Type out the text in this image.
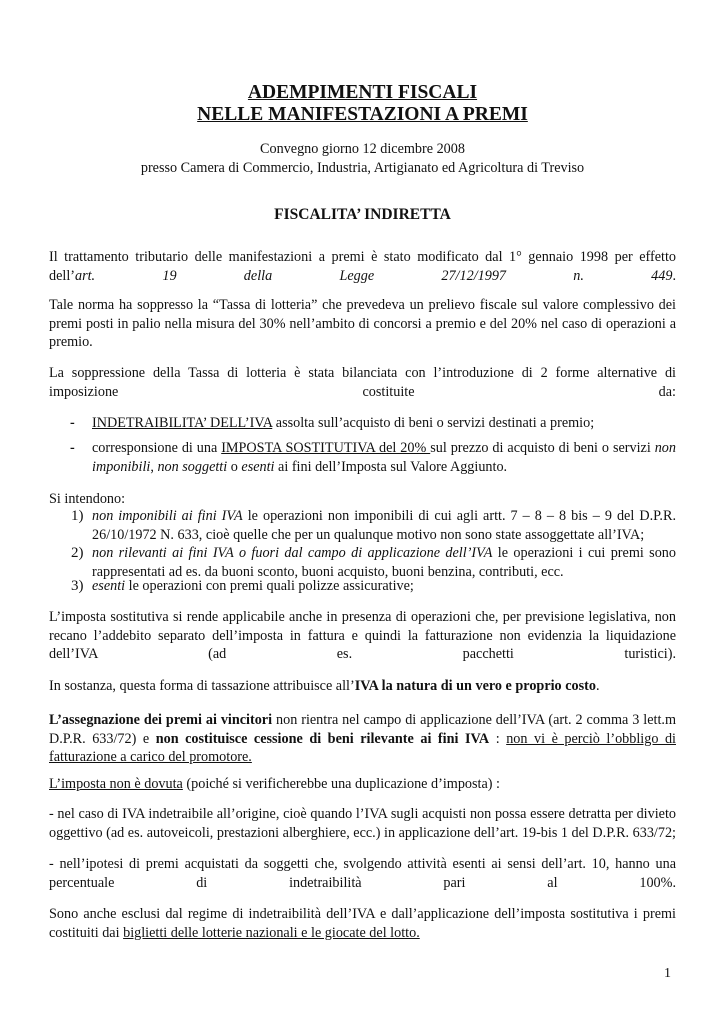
ADEMPIMENTI FISCALI
NELLE MANIFESTAZIONI A PREMI
Convegno giorno 12 dicembre 2008
presso Camera di Commercio, Industria, Artigianato ed Agricoltura di Treviso
FISCALITA’ INDIRETTA
Il trattamento tributario delle manifestazioni a premi è stato modificato dal 1° gennaio 1998 per effetto dell’art. 19 della Legge 27/12/1997 n. 449.
Tale norma ha soppresso la “Tassa di lotteria” che prevedeva un prelievo fiscale sul valore complessivo dei premi posti in palio nella misura del 30% nell’ambito di concorsi a premio e del 20% nel caso di operazioni a premio.
La soppressione della Tassa di lotteria è stata bilanciata con l’introduzione di 2 forme alternative di imposizione costituite da:
- INDETRAIBILITA’ DELL’IVA assolta sull’acquisto di beni o servizi destinati a premio;
- corresponsione di una IMPOSTA SOSTITUTIVA del 20% sul prezzo di acquisto di beni o servizi non imponibili, non soggetti o esenti ai fini dell’Imposta sul Valore Aggiunto.
Si intendono:
1) non imponibili ai fini IVA le operazioni non imponibili di cui agli artt. 7 – 8 – 8 bis – 9 del D.P.R. 26/10/1972 N. 633, cioè quelle che per un qualunque motivo non sono state assoggettate all’IVA;
2) non rilevanti ai fini IVA o fuori dal campo di applicazione dell’IVA le operazioni i cui premi sono rappresentati ad es. da buoni sconto, buoni acquisto, buoni benzina, contributi, ecc.
3) esenti le operazioni con premi quali polizze assicurative;
L’imposta sostitutiva si rende applicabile anche in presenza di operazioni che, per previsione legislativa, non recano l’addebito separato dell’imposta in fattura e quindi la fatturazione non evidenzia la liquidazione dell’IVA (ad es. pacchetti turistici).
In sostanza, questa forma di tassazione attribuisce all’IVA la natura di un vero e proprio costo.
L’assegnazione dei premi ai vincitori non rientra nel campo di applicazione dell’IVA (art. 2 comma 3 lett.m D.P.R. 633/72) e non costituisce cessione di beni rilevante ai fini IVA : non vi è perciò l’obbligo di fatturazione a carico del promotore.
L’imposta non è dovuta (poiché si verificherebbe una duplicazione d’imposta) :
- nel caso di IVA indetraibile all’origine, cioè quando l’IVA sugli acquisti non possa essere detratta per divieto oggettivo (ad es. autoveicoli, prestazioni alberghiere, ecc.) in applicazione dell’art. 19-bis 1 del D.P.R. 633/72;
- nell’ipotesi di premi acquistati da soggetti che, svolgendo attività esenti ai sensi dell’art. 10, hanno una percentuale di indetraibilità pari al 100%.
Sono anche esclusi dal regime di indetraibilità dell’IVA e dall’applicazione dell’imposta sostitutiva i premi costituiti dai biglietti delle lotterie nazionali e le giocate del lotto.
1
